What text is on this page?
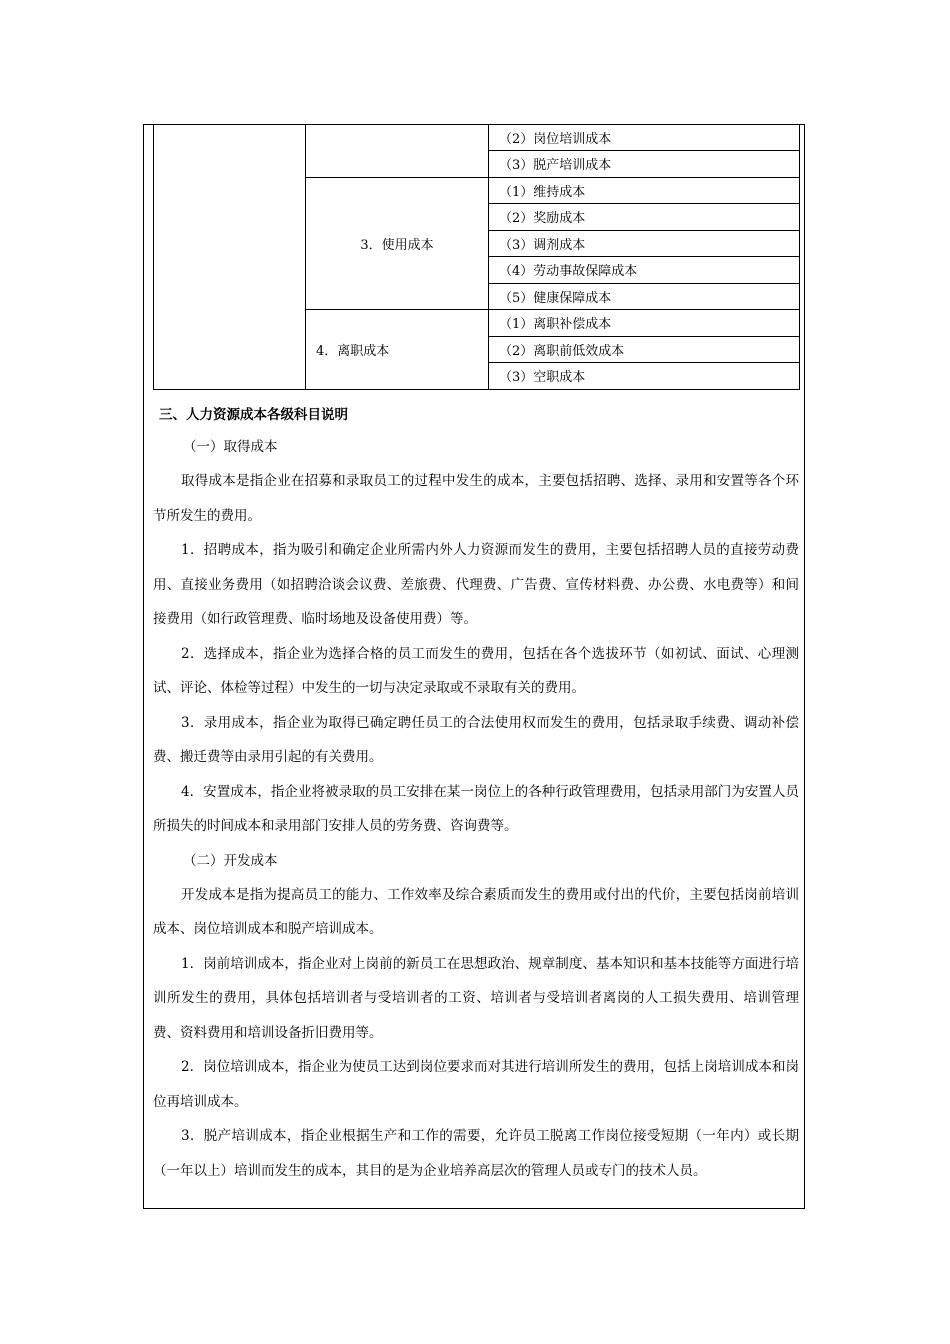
		（2）岗位培训成本
		（3）脱产培训成本
	3．使用成本	（1）维持成本
		（2）奖励成本
		（3）调剂成本
		（4）劳动事故保障成本
		（5）健康保障成本
	4．离职成本	（1）离职补偿成本
		（2）离职前低效成本
		（3）空职成本
三、人力资源成本各级科目说明
（一）取得成本

取得成本是指企业在招募和录取员工的过程中发生的成本，主要包括招聘、选择、录用和安置等各个环节所发生的费用。

1．招聘成本，指为吸引和确定企业所需内外人力资源而发生的费用，主要包括招聘人员的直接劳动费用、直接业务费用（如招聘洽谈会议费、差旅费、代理费、广告费、宣传材料费、办公费、水电费等）和间接费用（如行政管理费、临时场地及设备使用费）等。

2．选择成本，指企业为选择合格的员工而发生的费用，包括在各个选拔环节（如初试、面试、心理测试、评论、体检等过程）中发生的一切与决定录取或不录取有关的费用。

3．录用成本，指企业为取得已确定聘任员工的合法使用权而发生的费用，包括录取手续费、调动补偿费、搬迁费等由录用引起的有关费用。

4．安置成本，指企业将被录取的员工安排在某一岗位上的各种行政管理费用，包括录用部门为安置人员所损失的时间成本和录用部门安排人员的劳务费、咨询费等。

（二）开发成本

开发成本是指为提高员工的能力、工作效率及综合素质而发生的费用或付出的代价，主要包括岗前培训成本、岗位培训成本和脱产培训成本。

1．岗前培训成本，指企业对上岗前的新员工在思想政治、规章制度、基本知识和基本技能等方面进行培训所发生的费用，具体包括培训者与受培训者的工资、培训者与受培训者离岗的人工损失费用、培训管理费、资料费用和培训设备折旧费用等。

2．岗位培训成本，指企业为使员工达到岗位要求而对其进行培训所发生的费用，包括上岗培训成本和岗位再培训成本。

3．脱产培训成本，指企业根据生产和工作的需要，允许员工脱离工作岗位接受短期（一年内）或长期（一年以上）培训而发生的成本，其目的是为企业培养高层次的管理人员或专门的技术人员。
